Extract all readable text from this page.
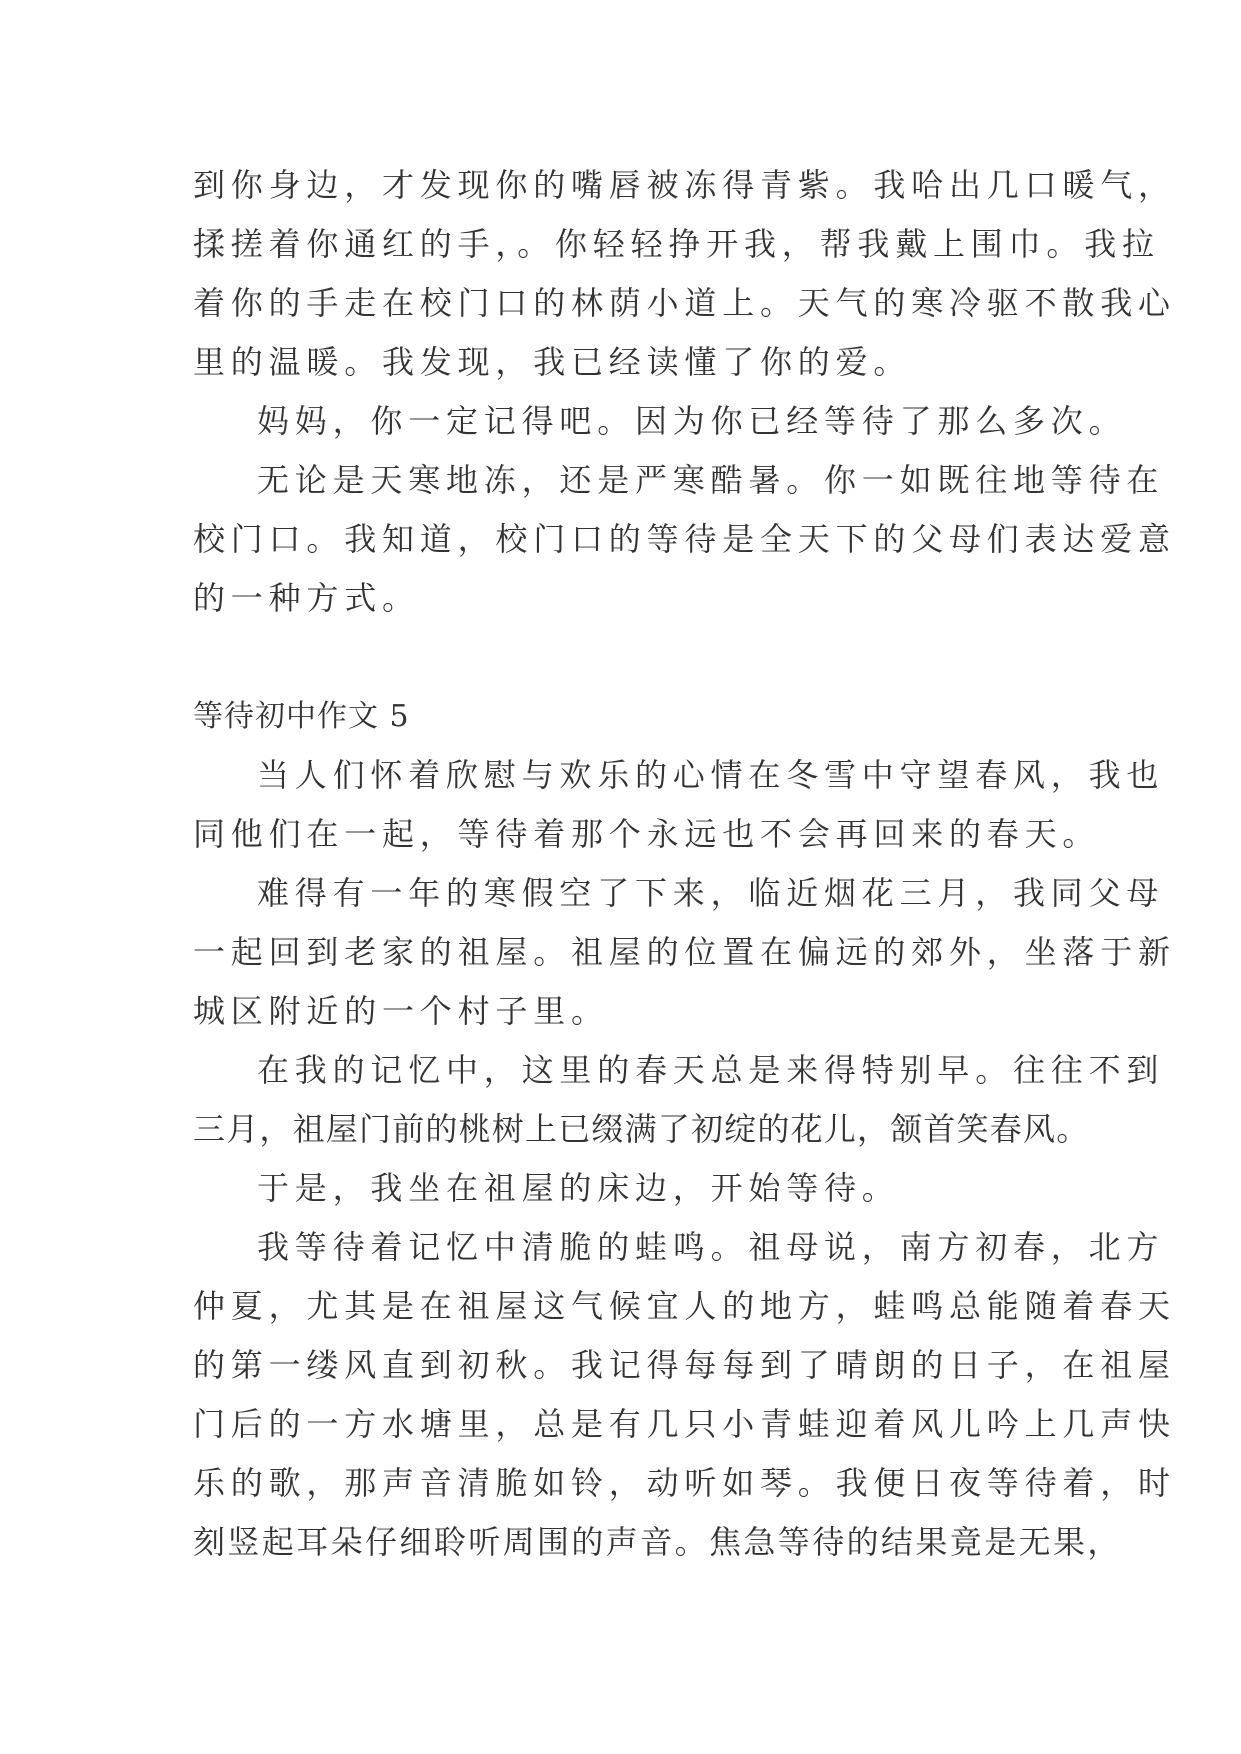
到你身边，才发现你的嘴唇被冻得青紫。我哈出几口暖气，
揉搓着你通红的手，。你轻轻挣开我，帮我戴上围巾。我拉
着你的手走在校门口的林荫小道上。天气的寒冷驱不散我心
里的温暖。我发现，我已经读懂了你的爱。
妈妈，你一定记得吧。因为你已经等待了那么多次。
无论是天寒地冻，还是严寒酷暑。你一如既往地等待在
校门口。我知道，校门口的等待是全天下的父母们表达爱意
的一种方式。
等待初中作文 5
当人们怀着欣慰与欢乐的心情在冬雪中守望春风，我也
同他们在一起，等待着那个永远也不会再回来的春天。
难得有一年的寒假空了下来，临近烟花三月，我同父母
一起回到老家的祖屋。祖屋的位置在偏远的郊外，坐落于新
城区附近的一个村子里。
在我的记忆中，这里的春天总是来得特别早。往往不到
三月，祖屋门前的桃树上已缀满了初绽的花儿，颔首笑春风。
于是，我坐在祖屋的床边，开始等待。
我等待着记忆中清脆的蛙鸣。祖母说，南方初春，北方
仲夏，尤其是在祖屋这气候宜人的地方，蛙鸣总能随着春天
的第一缕风直到初秋。我记得每每到了晴朗的日子，在祖屋
门后的一方水塘里，总是有几只小青蛙迎着风儿吟上几声快
乐的歌，那声音清脆如铃，动听如琴。我便日夜等待着，时
刻竖起耳朵仔细聆听周围的声音。焦急等待的结果竟是无果，
